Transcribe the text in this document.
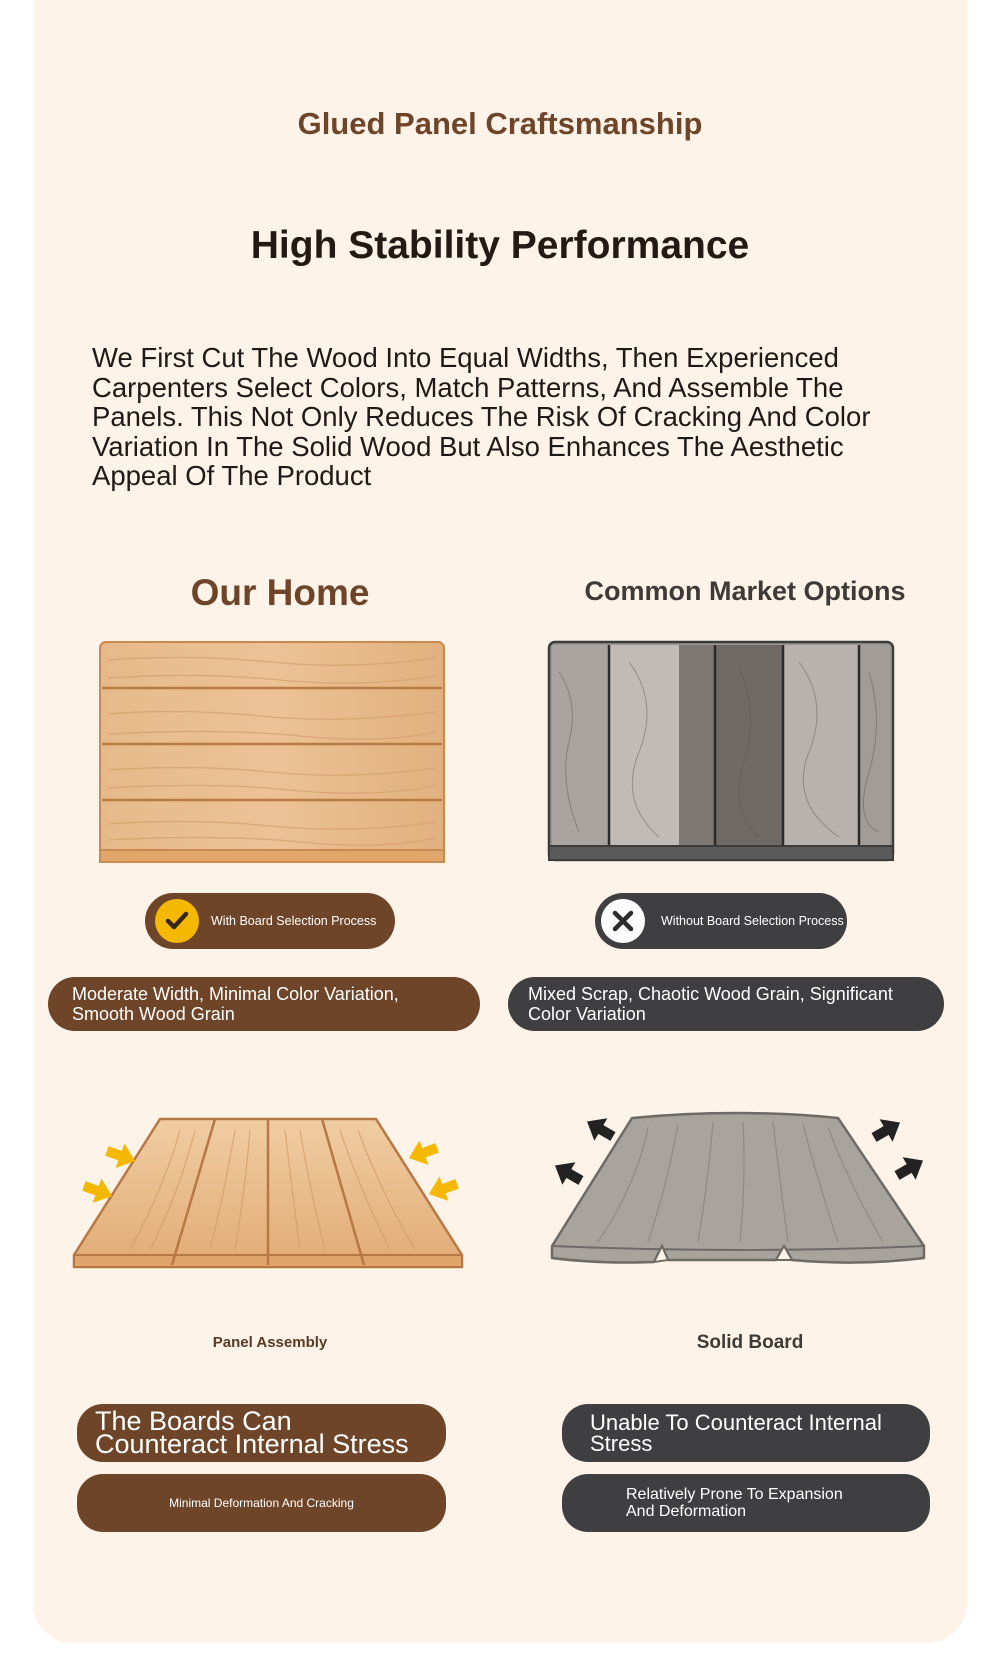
Glued Panel Craftsmanship
High Stability Performance
We First Cut The Wood Into Equal Widths, Then Experienced Carpenters Select Colors, Match Patterns, And Assemble The Panels. This Not Only Reduces The Risk Of Cracking And Color Variation In The Solid Wood But Also Enhances The Aesthetic Appeal Of The Product
Our Home	Common Market Options
With Board Selection Process	Without Board Selection Process
Moderate Width, Minimal Color Variation, Smooth Wood Grain
Mixed Scrap, Chaotic Wood Grain, Significant Color Variation
Panel Assembly	Solid Board
The Boards Can Counteract Internal Stress
Minimal Deformation And Cracking
Unable To Counteract Internal Stress
Relatively Prone To Expansion And Deformation
